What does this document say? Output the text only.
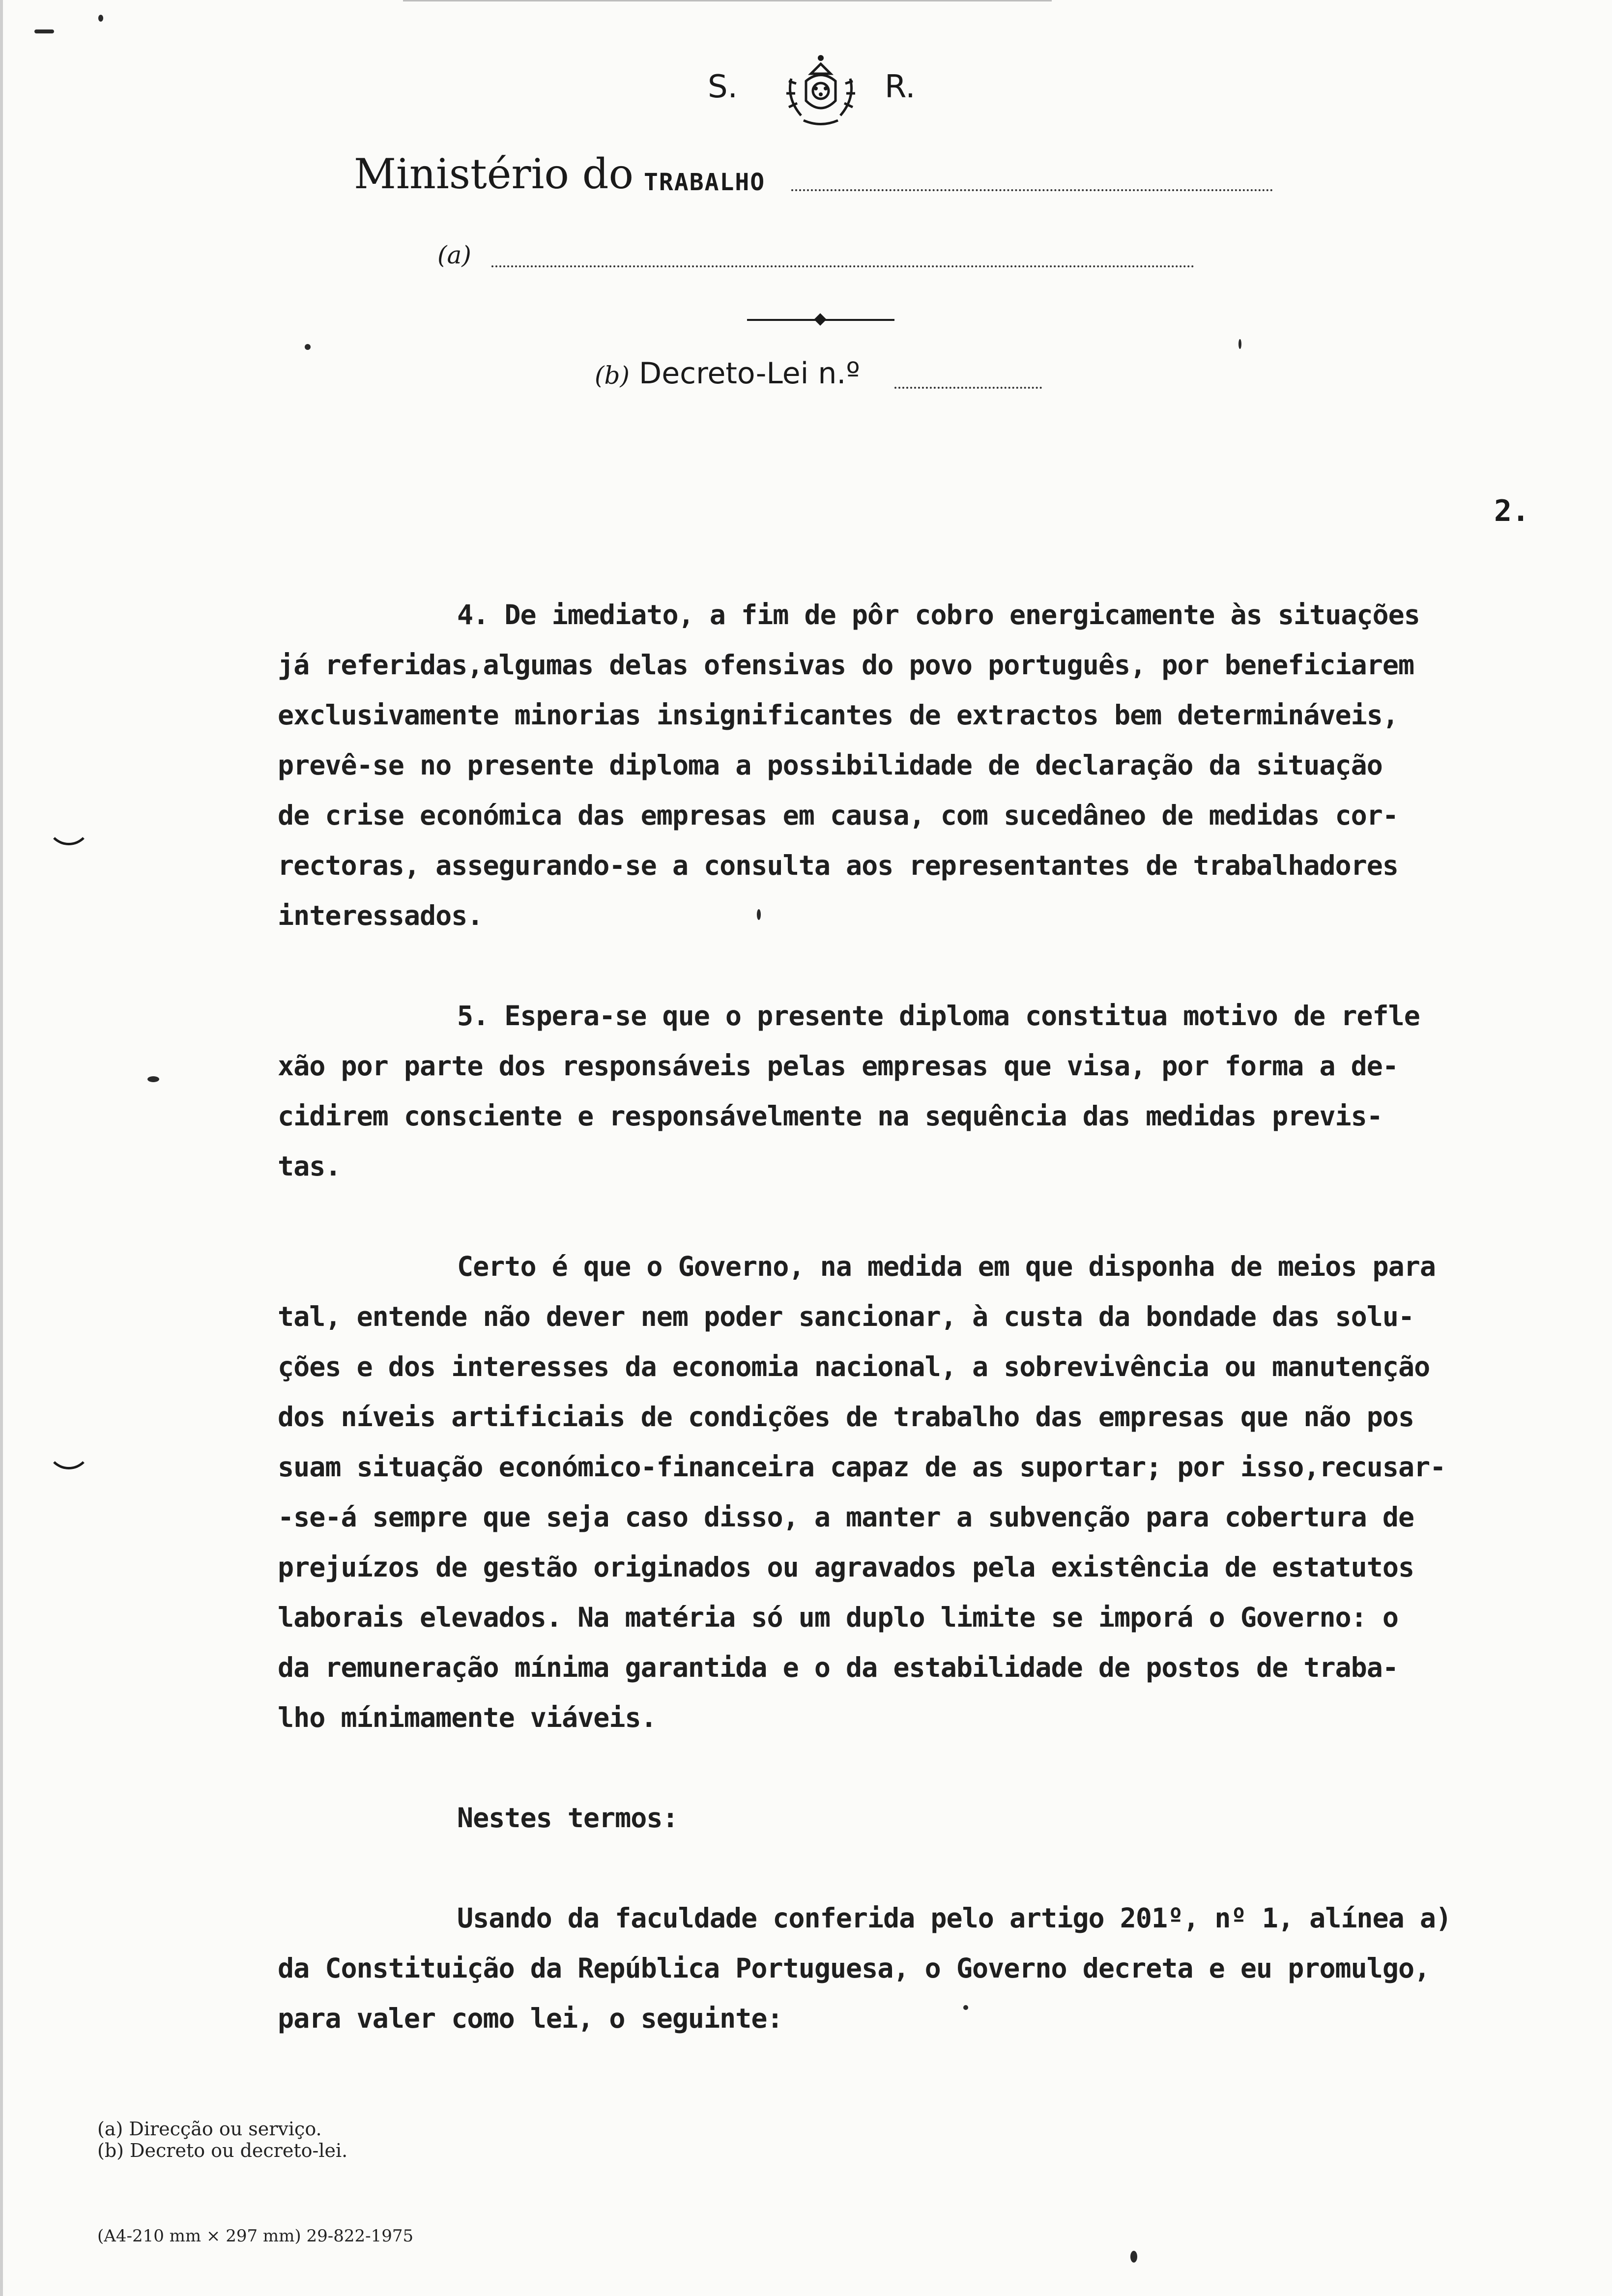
S.	R.
Ministério do TRABALHO
(a)
(b) Decreto-Lei n.º
2.
4. De imediato, a fim de pôr cobro energicamente às situações
já referidas,algumas delas ofensivas do povo português, por beneficiarem
exclusivamente minorias insignificantes de extractos bem determináveis,
prevê-se no presente diploma a possibilidade de declaração da situação
de crise económica das empresas em causa, com sucedâneo de medidas cor-
rectoras, assegurando-se a consulta aos representantes de trabalhadores
interessados.
5. Espera-se que o presente diploma constitua motivo de refle
xão por parte dos responsáveis pelas empresas que visa, por forma a de-
cidirem consciente e responsávelmente na sequência das medidas previs-
tas.
Certo é que o Governo, na medida em que disponha de meios para
tal, entende não dever nem poder sancionar, à custa da bondade das solu-
ções e dos interesses da economia nacional, a sobrevivência ou manutenção
dos níveis artificiais de condições de trabalho das empresas que não pos
suam situação económico-financeira capaz de as suportar; por isso,recusar-
-se-á sempre que seja caso disso, a manter a subvenção para cobertura de
prejuízos de gestão originados ou agravados pela existência de estatutos
laborais elevados. Na matéria só um duplo limite se imporá o Governo: o
da remuneração mínima garantida e o da estabilidade de postos de traba-
lho mínimamente viáveis.
Nestes termos:
Usando da faculdade conferida pelo artigo 201º, nº 1, alínea a)
da Constituição da República Portuguesa, o Governo decreta e eu promulgo,
para valer como lei, o seguinte:
(a) Direcção ou serviço.
(b) Decreto ou decreto-lei.
(A4-210 mm × 297 mm) 29-822-1975
